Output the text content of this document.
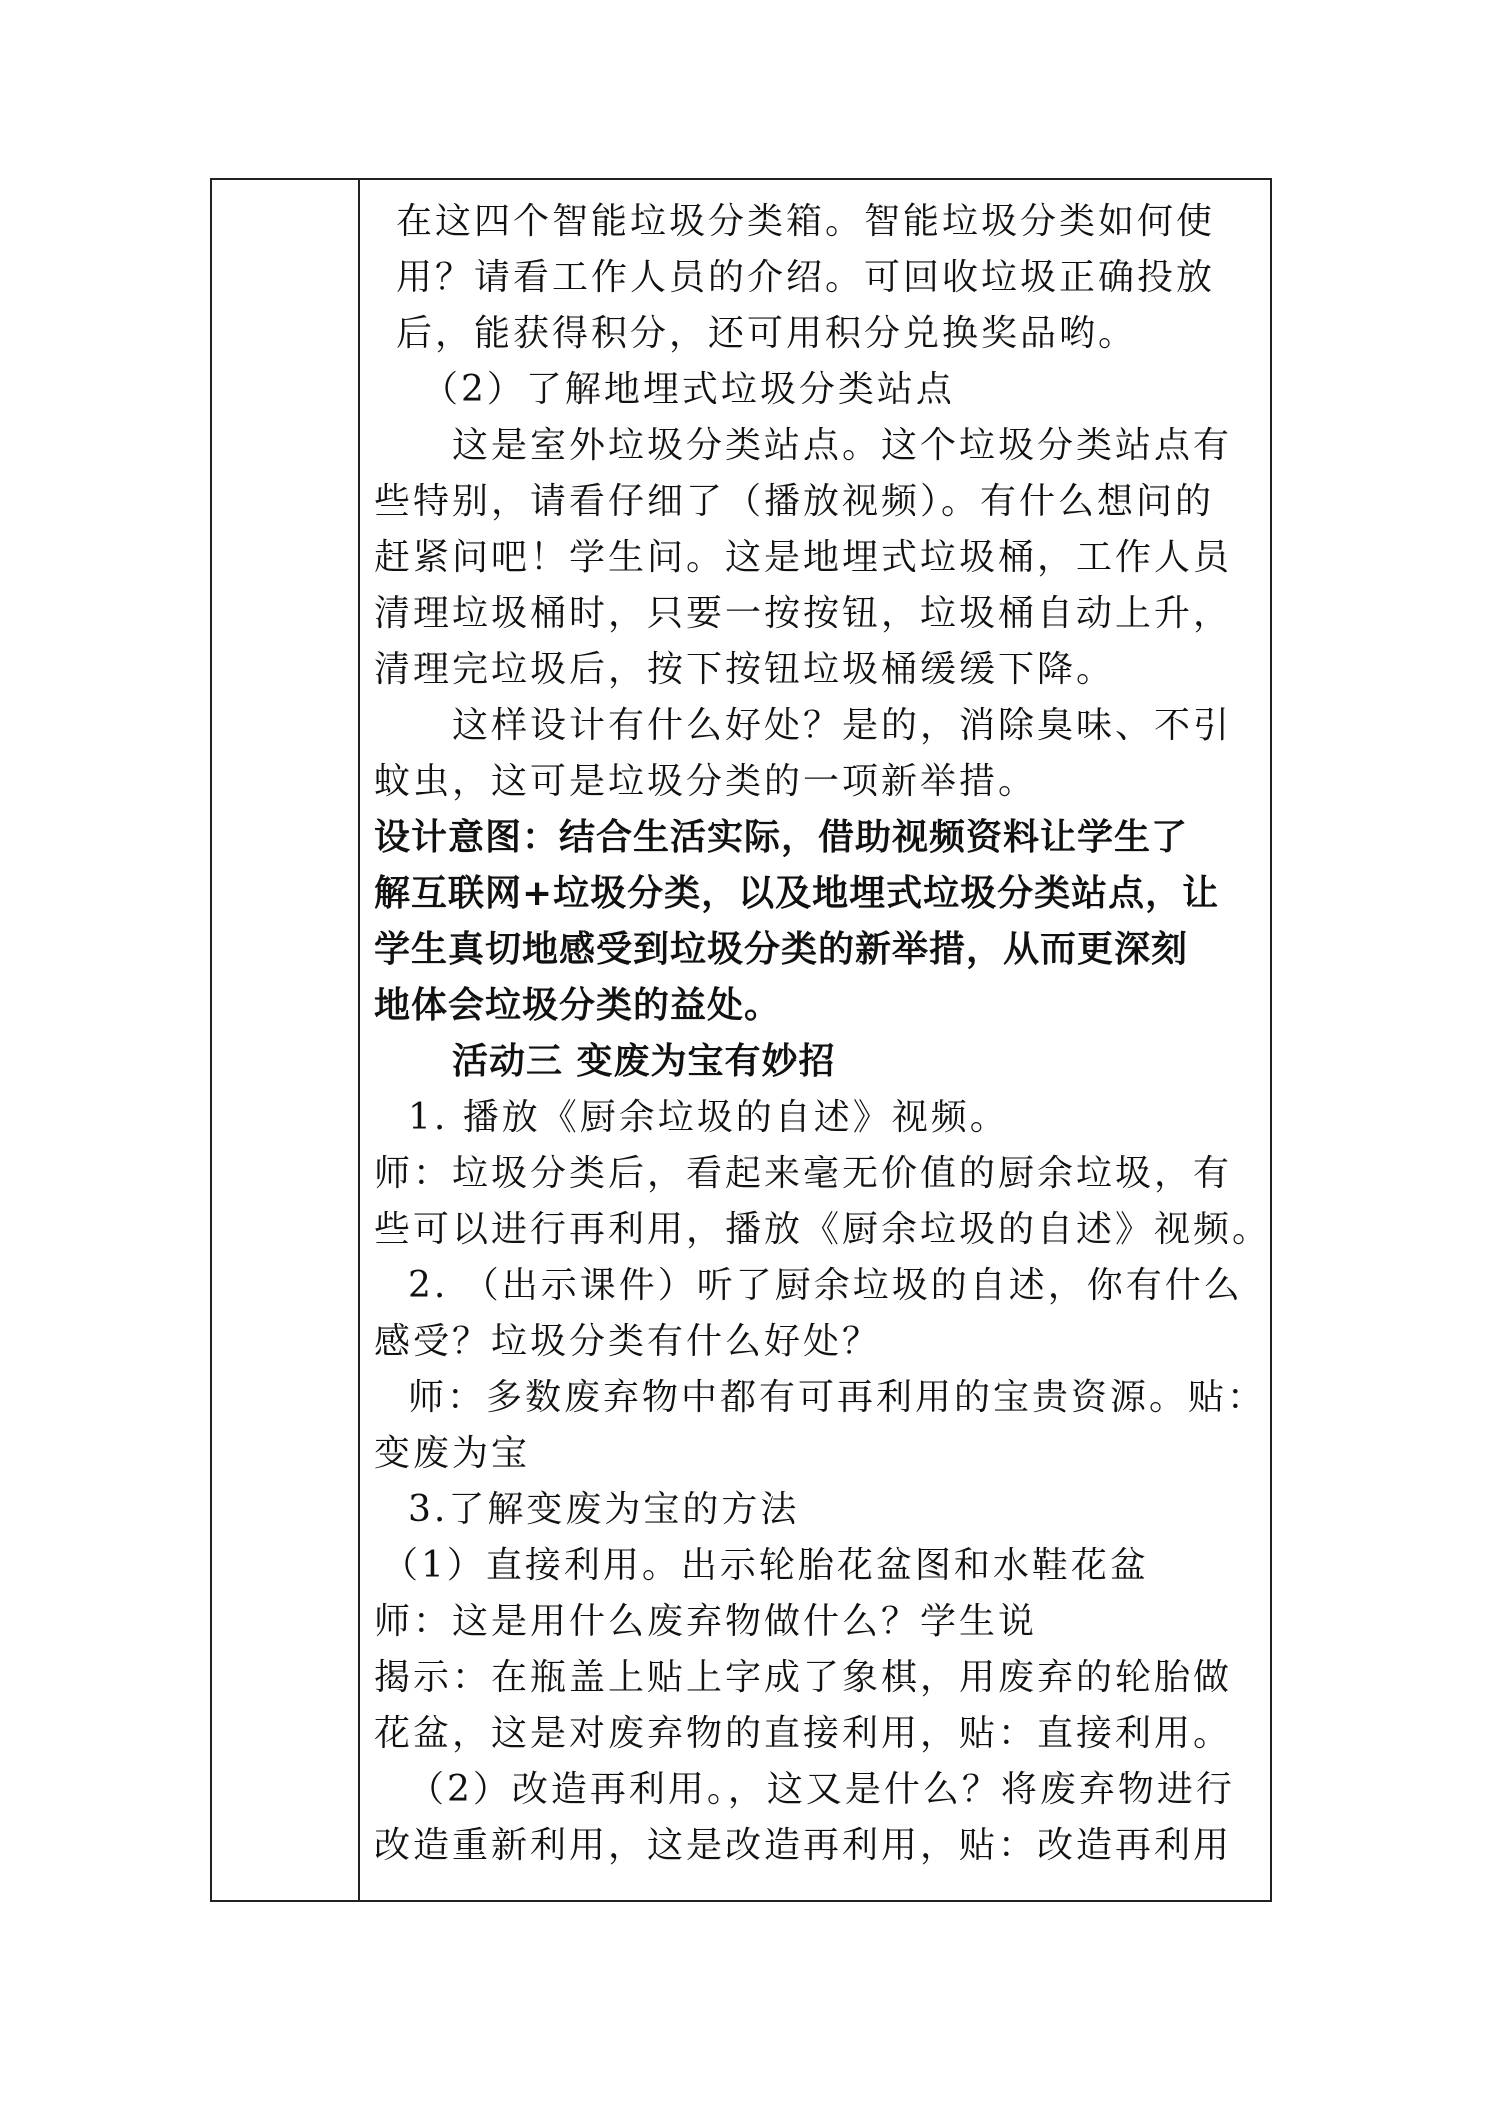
在这四个智能垃圾分类箱。智能垃圾分类如何使
用？请看工作人员的介绍。可回收垃圾正确投放
后，能获得积分，还可用积分兑换奖品哟。
（2）了解地埋式垃圾分类站点
这是室外垃圾分类站点。这个垃圾分类站点有
些特别，请看仔细了（播放视频）。有什么想问的
赶紧问吧！学生问。这是地埋式垃圾桶，工作人员
清理垃圾桶时，只要一按按钮，垃圾桶自动上升，
清理完垃圾后，按下按钮垃圾桶缓缓下降。
这样设计有什么好处？是的，消除臭味、不引
蚊虫，这可是垃圾分类的一项新举措。
设计意图：结合生活实际，借助视频资料让学生了
解互联网+垃圾分类，以及地埋式垃圾分类站点，让
学生真切地感受到垃圾分类的新举措，从而更深刻
地体会垃圾分类的益处。
活动三 变废为宝有妙招
1. 播放《厨余垃圾的自述》视频。
师：垃圾分类后，看起来毫无价值的厨余垃圾，有
些可以进行再利用，播放《厨余垃圾的自述》视频。
2. （出示课件）听了厨余垃圾的自述，你有什么
感受？垃圾分类有什么好处？
师：多数废弃物中都有可再利用的宝贵资源。贴：
变废为宝
3.了解变废为宝的方法
（1）直接利用。出示轮胎花盆图和水鞋花盆
师：这是用什么废弃物做什么？学生说
揭示：在瓶盖上贴上字成了象棋，用废弃的轮胎做
花盆，这是对废弃物的直接利用，贴：直接利用。
（2）改造再利用。，这又是什么？将废弃物进行
改造重新利用，这是改造再利用，贴：改造再利用
